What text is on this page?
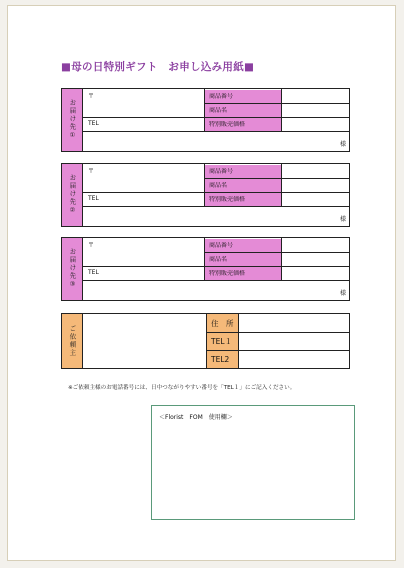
■母の日特別ギフト　お申し込み用紙■
お届け先①
〒
TEL
商品番号
商品名
特別販売価格
様
お届け先②
〒
TEL
商品番号
商品名
特別販売価格
様
お届け先③
〒
TEL
商品番号
商品名
特別販売価格
様
ご依頼主
住　所
TEL１
TEL2
※ご依頼主様のお電話番号には、日中つながりやすい番号を「TEL１」にご記入ください。
＜Florist　FOM　使用欄＞
